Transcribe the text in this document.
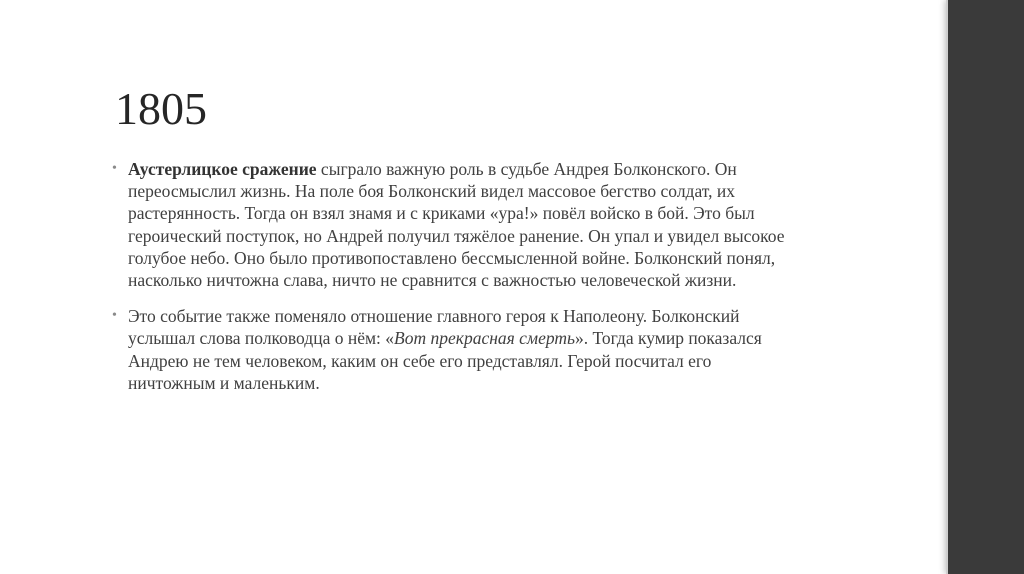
1805
• Аустерлицкое сражение сыграло важную роль в судьбе Андрея Болконского. Он переосмыслил жизнь. На поле боя Болконский видел массовое бегство солдат, их растерянность. Тогда он взял знамя и с криками «ура!» повёл войско в бой. Это был героический поступок, но Андрей получил тяжёлое ранение. Он упал и увидел высокое голубое небо. Оно было противопоставлено бессмысленной войне. Болконский понял, насколько ничтожна слава, ничто не сравнится с важностью человеческой жизни.
• Это событие также поменяло отношение главного героя к Наполеону. Болконский услышал слова полководца о нём: «Вот прекрасная смерть». Тогда кумир показался Андрею не тем человеком, каким он себе его представлял. Герой посчитал его ничтожным и маленьким.
